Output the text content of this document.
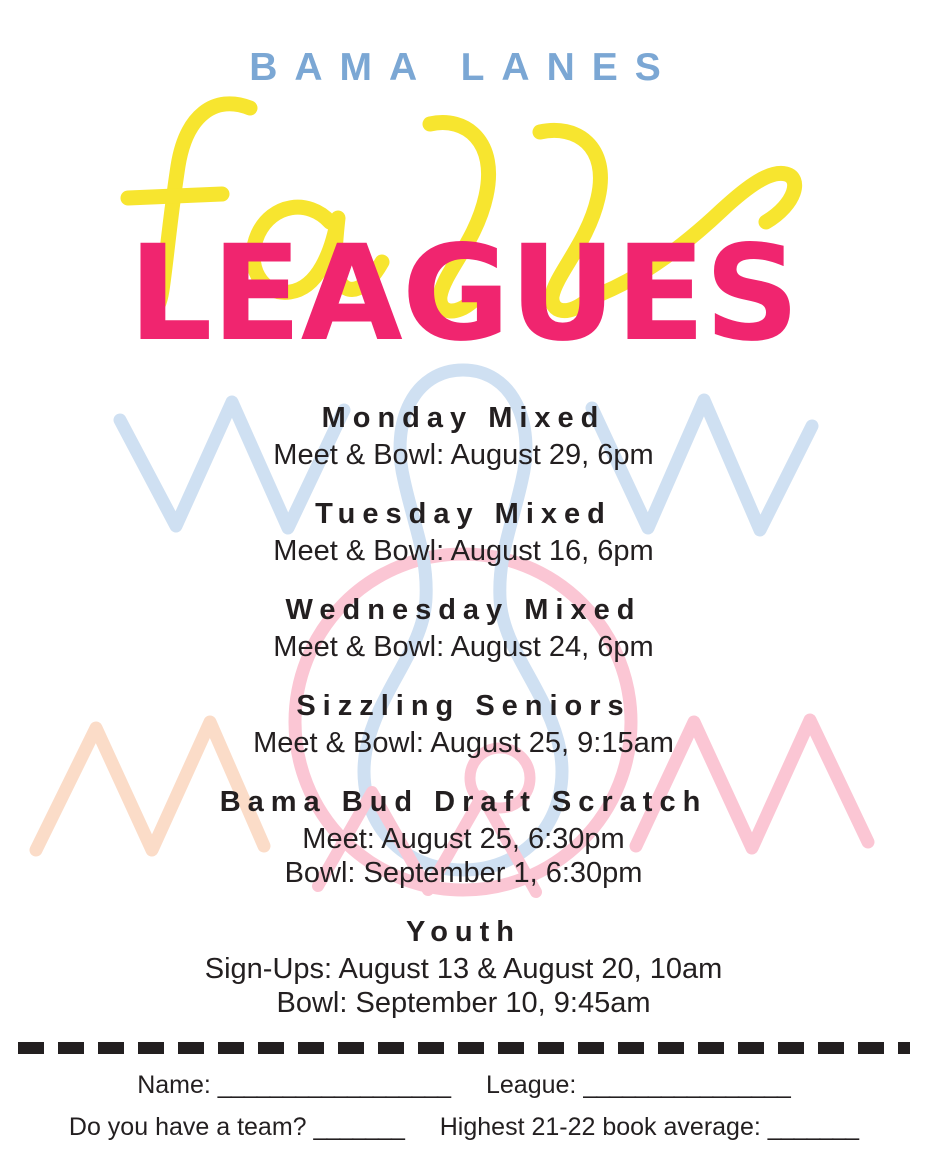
BAMA LANES
LEAGUES
Monday Mixed
Meet & Bowl: August 29, 6pm
Tuesday Mixed
Meet & Bowl: August 16, 6pm
Wednesday Mixed
Meet & Bowl: August 24, 6pm
Sizzling Seniors
Meet & Bowl: August 25, 9:15am
Bama Bud Draft Scratch
Meet: August 25, 6:30pm
Bowl: September 1, 6:30pm
Youth
Sign-Ups: August 13 & August 20, 10am
Bowl: September 10, 9:45am
Name: __________________ League: ________________
Do you have a team? _______ Highest 21-22 book average: _______
